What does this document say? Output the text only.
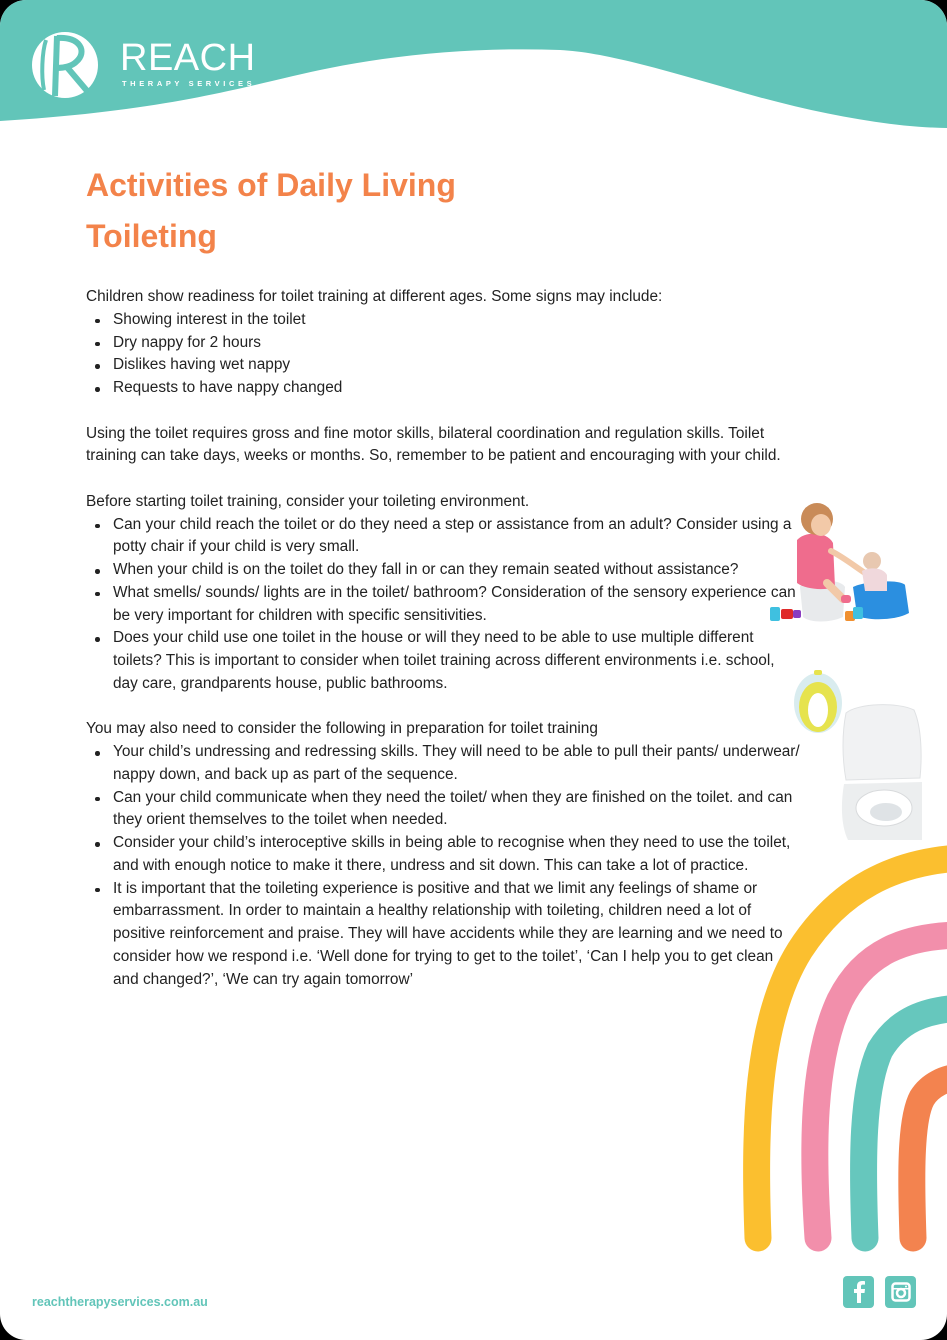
REACH
THERAPY SERVICES
Activities of Daily Living
Toileting

Children show readiness for toilet training at different ages. Some signs may include:

Showing interest in the toilet
Dry nappy for 2 hours
Dislikes having wet nappy
Requests to have nappy changed

Using the toilet requires gross and fine motor skills, bilateral coordination and regulation skills. Toilet training can take days, weeks or months. So, remember to be patient and encouraging with your child.

Before starting toilet training, consider your toileting environment.

Can your child reach the toilet or do they need a step or assistance from an adult? Consider using a potty chair if your child is very small.
When your child is on the toilet do they fall in or can they remain seated without assistance?
What smells/ sounds/ lights are in the toilet/ bathroom? Consideration of the sensory experience can be very important for children with specific sensitivities.
Does your child use one toilet in the house or will they need to be able to use multiple different toilets? This is important to consider when toilet training across different environments i.e. school, day care, grandparents house, public bathrooms.

You may also need to consider the following in preparation for toilet training

Your child’s undressing and redressing skills. They will need to be able to pull their pants/ underwear/ nappy down, and back up as part of the sequence.
Can your child communicate when they need the toilet/ when they are finished on the toilet. and can they orient themselves to the toilet when needed.
Consider your child’s interoceptive skills in being able to recognise when they need to use the toilet, and with enough notice to make it there, undress and sit down. This can take a lot of practice.
It is important that the toileting experience is positive and that we limit any feelings of shame or embarrassment. In order to maintain a healthy relationship with toileting, children need a lot of positive reinforcement and praise. They will have accidents while they are learning and we need to consider how we respond i.e. ‘Well done for trying to get to the toilet’, ‘Can I help you to get clean and changed?’, ‘We can try again tomorrow’
reachtherapyservices.com.au
